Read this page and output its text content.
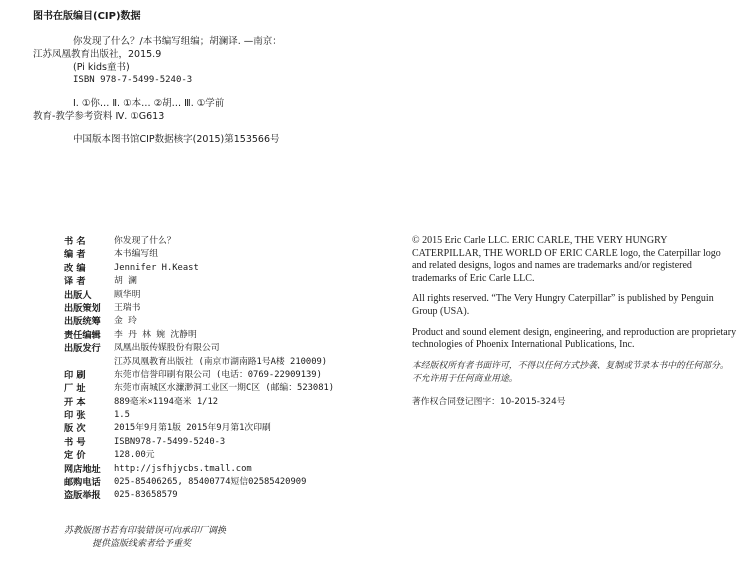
图书在版编目(CIP)数据
你发现了什么？/本书编写组编；胡澜译. —南京：
江苏凤凰教育出版社，2015.9
(Pi kids童书)
ISBN 978-7-5499-5240-3
Ⅰ. ①你… Ⅱ. ①本… ②胡… Ⅲ. ①学前
教育-教学参考资料 Ⅳ. ①G613
中国版本图书馆CIP数据核字(2015)第153566号
书 名	你发现了什么？
编 者	本书编写组
改 编	Jennifer H.Keast
译 者	胡 澜
出版人	顾华明
出版策划	王瑞书
出版统筹	金 玲
责任编辑	李 丹 林 婉 沈静明
出版发行	凤凰出版传媒股份有限公司
江苏凤凰教育出版社 (南京市湖南路1号A楼 210009)
印 刷	东莞市信誉印刷有限公司 (电话：0769-22909139)
厂 址	东莞市南城区水濂渺洞工业区一期C区 (邮编：523081)
开 本	889毫米×1194毫米 1/12
印 张	1.5
版 次	2015年9月第1版 2015年9月第1次印刷
书 号	ISBN978-7-5499-5240-3
定 价	128.00元
网店地址	http://jsfhjycbs.tmall.com
邮购电话	025-85406265, 85400774短信02585420909
盗版举报	025-83658579
苏教版图书若有印装错误可向承印厂调换
提供盗版线索者给予重奖

© 2015 Eric Carle LLC. ERIC CARLE, THE VERY HUNGRY CATERPILLAR, THE WORLD OF ERIC CARLE logo, the Caterpillar logo and related designs, logos and names are trademarks and/or registered trademarks of Eric Carle LLC.

All rights reserved. “The Very Hungry Caterpillar” is published by Penguin Group (USA).

Product and sound element design, engineering, and reproduction are proprietary technologies of Phoenix International Publications, Inc.

本经版权所有者书面许可，不得以任何方式抄袭、复制或节录本书中的任何部分。不允许用于任何商业用途。

著作权合同登记图字：10-2015-324号
